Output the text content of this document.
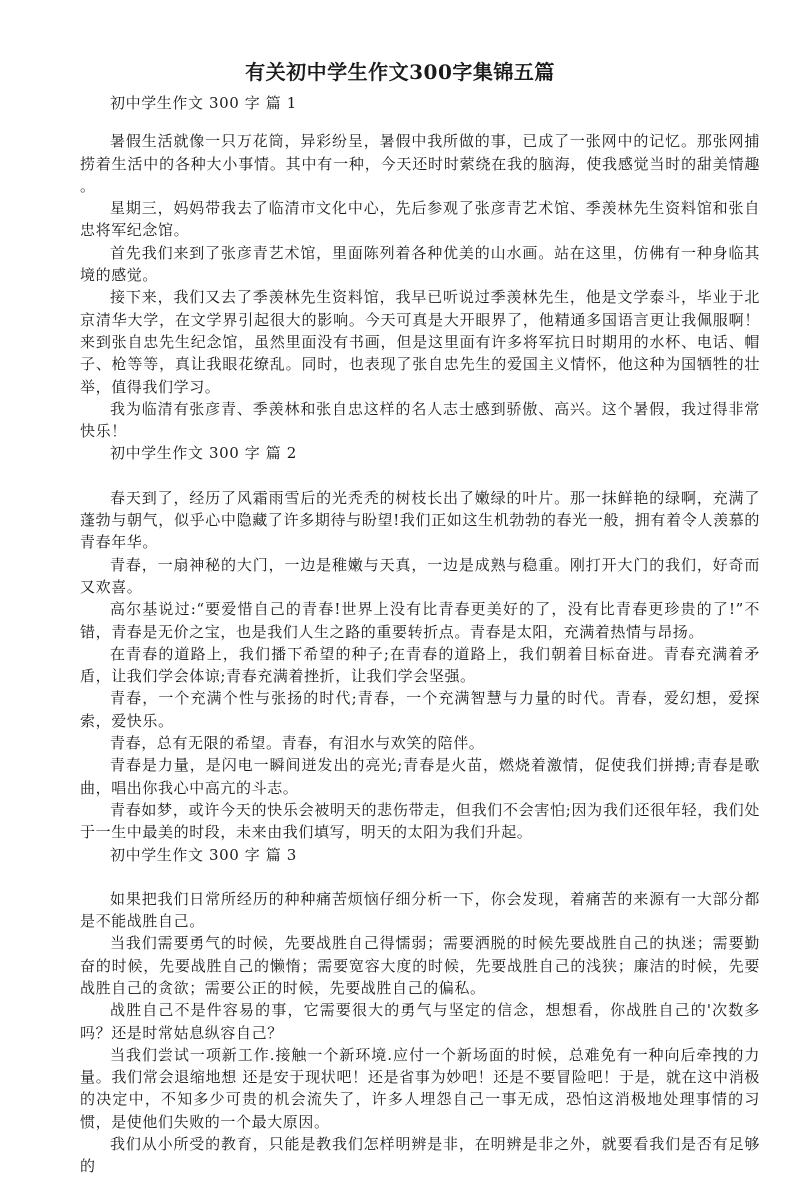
有关初中学生作文300字集锦五篇

初中学生作文 300 字 篇 1

暑假生活就像一只万花筒，异彩纷呈，暑假中我所做的事，已成了一张网中的记忆。那张网捕捞着生活中的各种大小事情。其中有一种，今天还时时萦绕在我的脑海，使我感觉当时的甜美情趣 。

星期三，妈妈带我去了临清市文化中心，先后参观了张彦青艺术馆、季羡林先生资料馆和张自忠将军纪念馆。

首先我们来到了张彦青艺术馆，里面陈列着各种优美的山水画。站在这里，仿佛有一种身临其境的感觉。

接下来，我们又去了季羡林先生资料馆，我早已听说过季羡林先生，他是文学泰斗，毕业于北京清华大学，在文学界引起很大的影响。今天可真是大开眼界了，他精通多国语言更让我佩服啊！来到张自忠先生纪念馆，虽然里面没有书画，但是这里面有许多将军抗日时期用的水杯、电话、帽子、枪等等，真让我眼花缭乱。同时，也表现了张自忠先生的爱国主义情怀，他这种为国牺牲的壮举，值得我们学习。

我为临清有张彦青、季羡林和张自忠这样的名人志士感到骄傲、高兴。这个暑假，我过得非常快乐！

初中学生作文 300 字 篇 2

春天到了，经历了风霜雨雪后的光秃秃的树枝长出了嫩绿的叶片。那一抹鲜艳的绿啊，充满了蓬勃与朝气，似乎心中隐藏了许多期待与盼望!我们正如这生机勃勃的春光一般，拥有着令人羡慕的青春年华。

青春，一扇神秘的大门，一边是稚嫩与天真，一边是成熟与稳重。刚打开大门的我们，好奇而又欢喜。

高尔基说过:“要爱惜自己的青春!世界上没有比青春更美好的了，没有比青春更珍贵的了!”不错，青春是无价之宝，也是我们人生之路的重要转折点。青春是太阳，充满着热情与昂扬。

在青春的道路上，我们播下希望的种子;在青春的道路上，我们朝着目标奋进。青春充满着矛盾，让我们学会体谅;青春充满着挫折，让我们学会坚强。

青春，一个充满个性与张扬的时代;青春，一个充满智慧与力量的时代。青春，爱幻想，爱探索，爱快乐。

青春，总有无限的希望。青春，有泪水与欢笑的陪伴。

青春是力量，是闪电一瞬间迸发出的亮光;青春是火苗，燃烧着激情，促使我们拼搏;青春是歌曲，唱出你我心中高亢的斗志。

青春如梦，或许今天的快乐会被明天的悲伤带走，但我们不会害怕;因为我们还很年轻，我们处于一生中最美的时段，未来由我们填写，明天的太阳为我们升起。

初中学生作文 300 字 篇 3

如果把我们日常所经历的种种痛苦烦恼仔细分析一下，你会发现，着痛苦的来源有一大部分都是不能战胜自己。

当我们需要勇气的时候，先要战胜自己得懦弱；需要洒脱的时候先要战胜自己的执迷；需要勤奋的时候，先要战胜自己的懒惰；需要宽容大度的时候，先要战胜自己的浅狭；廉洁的时候，先要战胜自己的贪欲；需要公正的时候，先要战胜自己的偏私。

战胜自己不是件容易的事，它需要很大的勇气与坚定的信念，想想看，你战胜自己的'次数多吗？还是时常姑息纵容自己？

当我们尝试一项新工作.接触一个新环境.应付一个新场面的时候，总难免有一种向后牵拽的力量。我们常会退缩地想 还是安于现状吧！还是省事为妙吧！还是不要冒险吧！于是，就在这中消极的决定中，不知多少可贵的机会流失了，许多人埋怨自己一事无成，恐怕这消极地处理事情的习惯，是使他们失败的一个最大原因。

我们从小所受的教育，只能是教我们怎样明辨是非，在明辨是非之外，就要看我们是否有足够的
